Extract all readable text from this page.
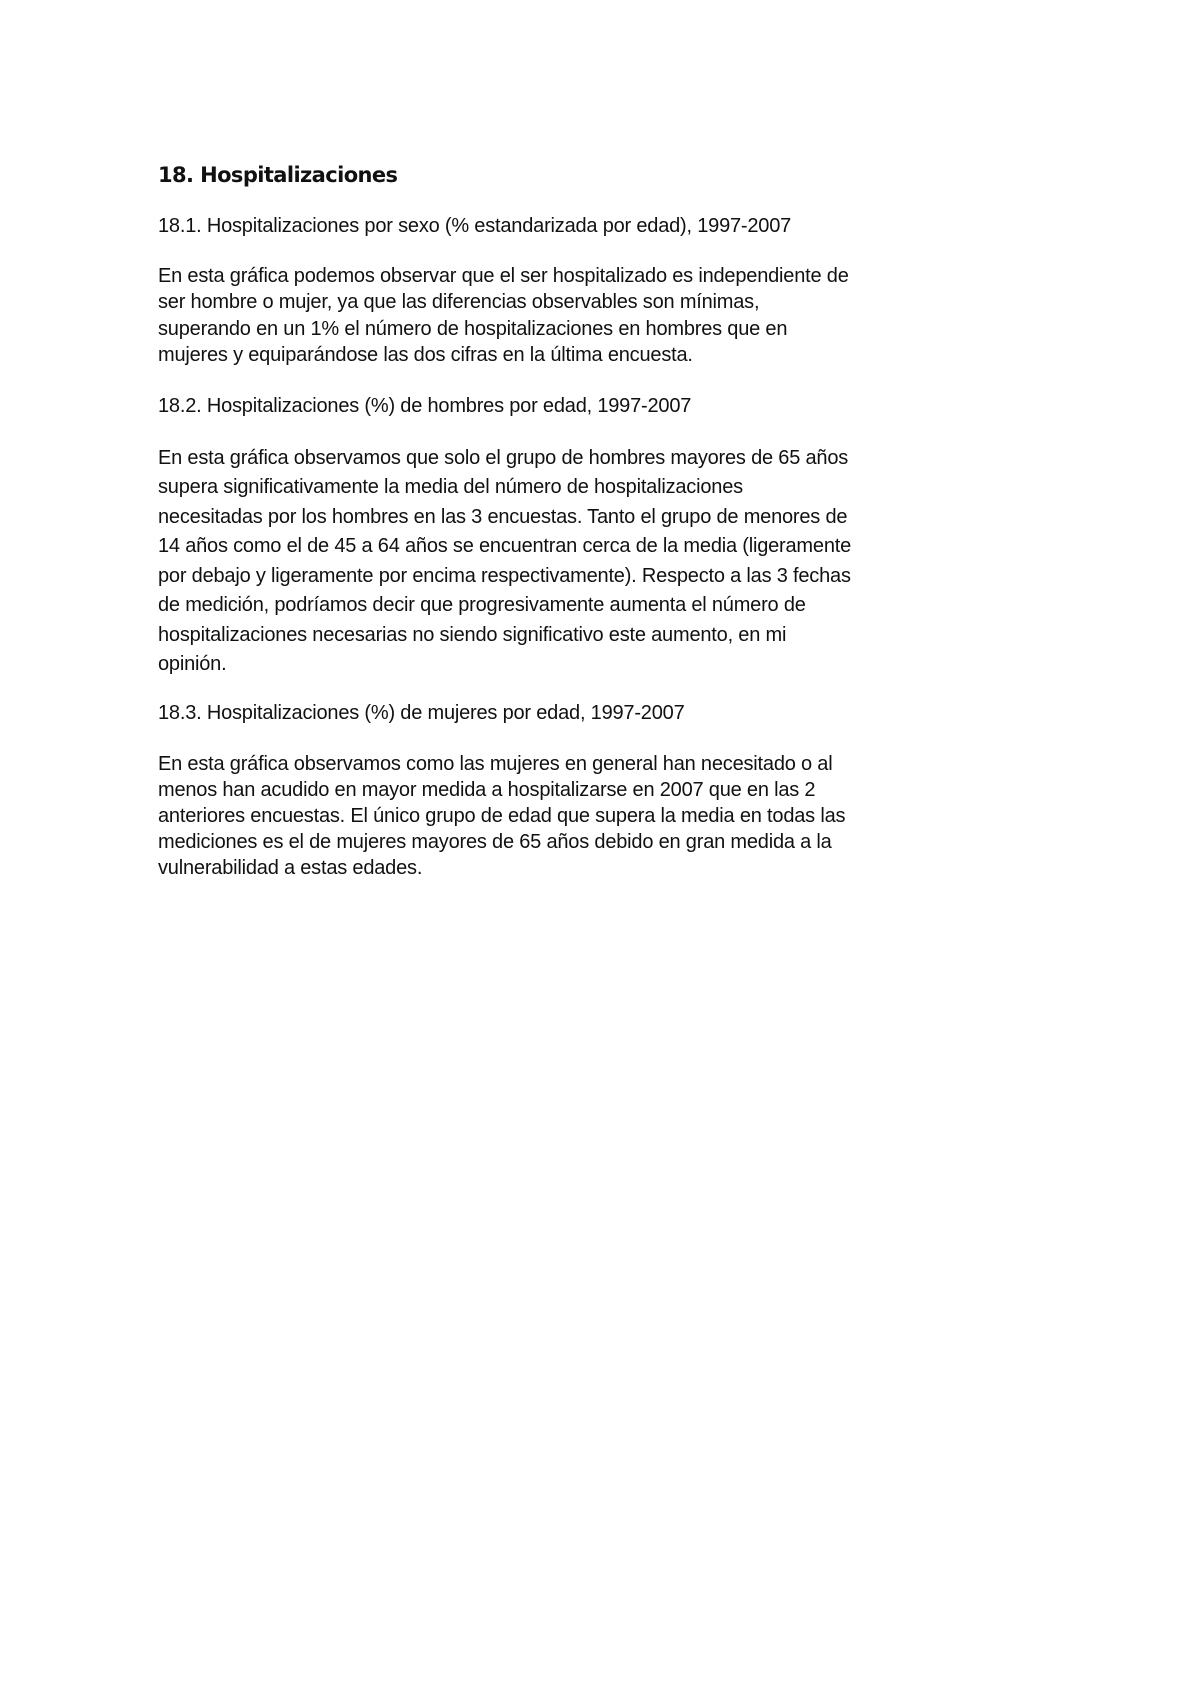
18. Hospitalizaciones
18.1. Hospitalizaciones por sexo (% estandarizada por edad), 1997-2007
En esta gráfica podemos observar que el ser hospitalizado es independiente de
ser hombre o mujer, ya que las diferencias observables son mínimas,
superando en un 1% el número de hospitalizaciones en hombres que en
mujeres y equiparándose las dos cifras en la última encuesta.
18.2. Hospitalizaciones (%) de hombres por edad, 1997-2007
En esta gráfica observamos que solo el grupo de hombres mayores de 65 años
supera significativamente la media del número de hospitalizaciones
necesitadas por los hombres en las 3 encuestas. Tanto el grupo de menores de
14 años como el de 45 a 64 años se encuentran cerca de la media (ligeramente
por debajo y ligeramente por encima respectivamente). Respecto a las 3 fechas
de medición, podríamos decir que progresivamente aumenta el número de
hospitalizaciones necesarias no siendo significativo este aumento, en mi
opinión.
18.3. Hospitalizaciones (%) de mujeres por edad, 1997-2007
En esta gráfica observamos como las mujeres en general han necesitado o al
menos han acudido en mayor medida a hospitalizarse en 2007 que en las 2
anteriores encuestas. El único grupo de edad que supera la media en todas las
mediciones es el de mujeres mayores de 65 años debido en gran medida a la
vulnerabilidad a estas edades.
